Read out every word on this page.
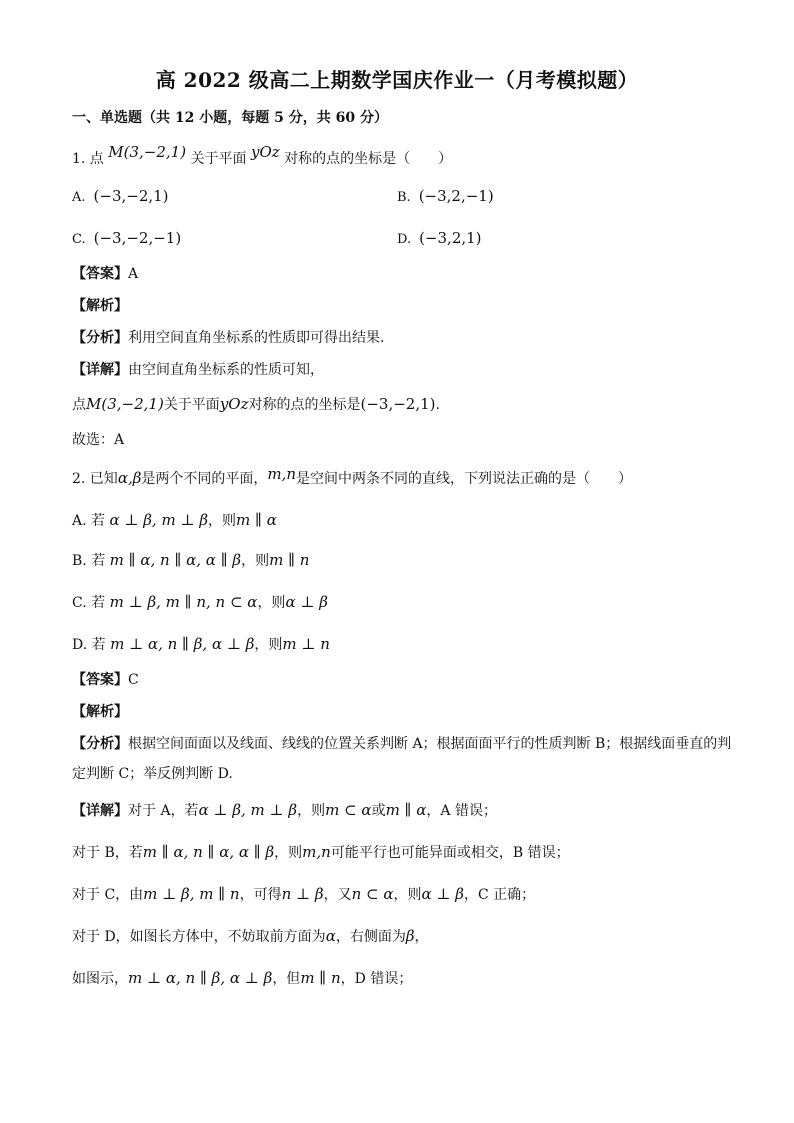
高 2022 级高二上期数学国庆作业一（月考模拟题）
一、单选题（共 12 小题，每题 5 分，共 60 分）
1. 点 M(3,−2,1) 关于平面 yOz 对称的点的坐标是（　　）
A. (−3,−2,1)	B. (−3,2,−1)
C. (−3,−2,−1)	D. (−3,2,1)
【答案】A
【解析】
【分析】利用空间直角坐标系的性质即可得出结果.
【详解】由空间直角坐标系的性质可知，
点M(3,−2,1)关于平面yOz对称的点的坐标是(−3,−2,1).
故选：A
2. 已知α,β是两个不同的平面，m,n是空间中两条不同的直线，下列说法正确的是（　　）
A. 若 α ⊥ β, m ⊥ β，则m ∥ α
B. 若 m ∥ α, n ∥ α, α ∥ β，则m ∥ n
C. 若 m ⊥ β, m ∥ n, n ⊂ α，则α ⊥ β
D. 若 m ⊥ α, n ∥ β, α ⊥ β，则m ⊥ n
【答案】C
【解析】
【分析】根据空间面面以及线面、线线的位置关系判断 A；根据面面平行的性质判断 B；根据线面垂直的判
定判断 C；举反例判断 D.
【详解】对于 A，若α ⊥ β, m ⊥ β，则m ⊂ α或m ∥ α，A 错误；
对于 B，若m ∥ α, n ∥ α, α ∥ β，则m,n可能平行也可能异面或相交，B 错误；
对于 C，由m ⊥ β, m ∥ n，可得n ⊥ β，又n ⊂ α，则α ⊥ β，C 正确；
对于 D，如图长方体中，不妨取前方面为α，右侧面为β，
如图示，m ⊥ α, n ∥ β, α ⊥ β，但m ∥ n，D 错误；
